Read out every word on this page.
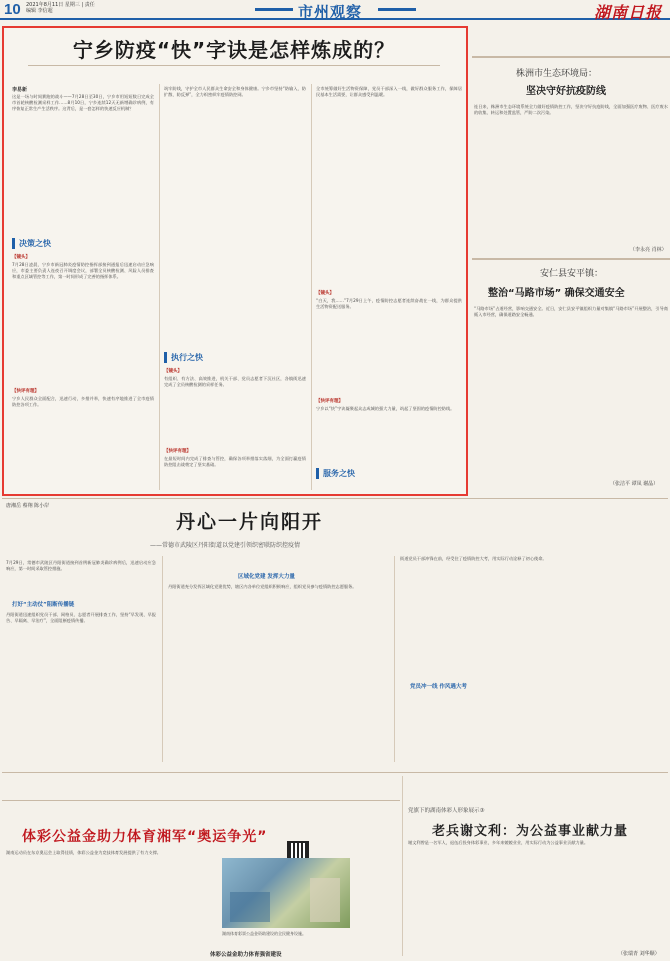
10 2021年8月11日 星期三 | 责任编辑 李信超	市州观察	湖南日报
宁乡防疫“快”字诀是怎样炼成的？
李易新
这是一场与时间赛跑的战斗——7月28日至30日，宁乡市用短短数日完成全市首轮核酸检测采样工作……8月10日，宁乡连续12天无新增确诊病例，有序恢复正常生产生活秩序。这背后，是一套怎样的快速反应机制？
决策之快
【镜头】
7月28日凌晨，宁乡市新冠肺炎疫情防控指挥部接到通报后迅速启动应急响应，市委主要负责人连夜召开调度会议，部署全员核酸检测、风险人员排查和重点区域管控等工作，第一时间形成了完善的指挥体系。
【快评有理】
宁乡人民群众全面配合，迅速行动，多措并举，快速有序地推进了全市疫情防控各项工作。
筑牢防线，守护全市人民群众生命安全和身体健康。宁乡市坚持“防输入、防扩散、防反弹”，全力织密织牢疫情防控网。
执行之快
【镜头】
有组织、有方法、高效推进，机关干部、党员志愿者下沉社区，各镇街迅速完成了全员核酸检测的采样任务。
【快评有理】
在最短时间内完成了排查与管控，确保各项举措落实落细，为全面打赢疫情防控阻击战奠定了坚实基础。
全市统筹做好生活物资保障，党员干部深入一线，做好群众服务工作，保障居民基本生活需要，让群众感受到温暖。
服务之快
【镜头】
“白天，我……”7月29日上午，疫情防控志愿者连续奋战在一线，为群众提供生活物资配送服务。
【快评有理】
宁乡以“快”字诀凝聚起众志成城的强大力量，筑起了坚固的疫情防控防线。
株洲市生态环境局：
坚决守好抗疫防线
连日来，株洲市生态环境系统全力做好疫情防控工作，坚决守好抗疫防线，全面加强医疗废物、医疗废水的收集、转运和处置监管，严防二次污染。
（李永亮 肖林）
安仁县安平镇：
整治“马路市场” 确保交通安全
“马路市场”占道经营，影响交通安全。近日，安仁县安平镇组织力量对集镇“马路市场”开展整治，引导商贩入市经营，确保道路安全畅通。
（张洁平 谭凤 谢晶）
唐湘岳 蔡翔 陈小岸
丹心一片向阳开
——常德市武陵区丹阳街道以党建引领织密联防织控疫情
7月29日，常德市武陵区丹阳街道接到首例新冠肺炎确诊病例后，迅速启动应急响应，第一时间采取管控措施。
打好“主动仗”阻断传播链
丹阳街道迅速组织党员干部、网格员、志愿者开展排查工作，坚持“早发现、早报告、早隔离、早治疗”，全面阻断疫情传播。
区域化党建 发挥大力量
丹阳街道充分发挥区域化党建优势，辖区内各单位党组织积极响应，组织党员参与疫情防控志愿服务。
党员冲一线 作风遇大考
街道党员干部冲锋在前，经受住了疫情防控大考，用实际行动诠释了初心使命。
体彩公益金助力体育湘军“奥运争光”
湖南运动员在东京奥运会上取得佳绩，体彩公益金为竞技体育发展提供了有力支撑。
湖南体育彩票公益金资助建设的全民健身设施。
体彩公益金助力体育强省建设
党旗下的湖南体彩人形象展示③
老兵谢文利：为公益事业献力量
谢文利曾是一名军人，退伍后投身体彩事业，多年来兢兢业业，用实际行动为公益事业贡献力量。
（张瑞青 刘华顺）
